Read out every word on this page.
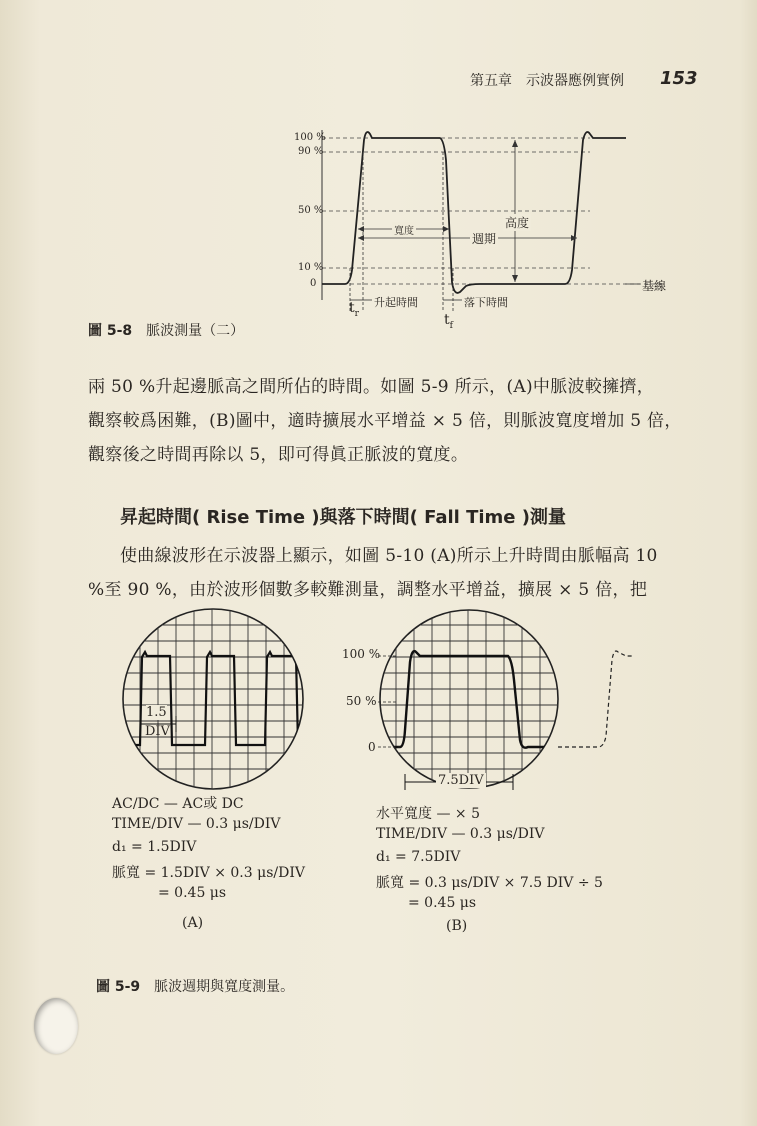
第五章　示波器應例實例 153
100 %
90 %
50 %
10 %
0
寬度
週期
高度
基線
$t_r$	$t_f$
升起時間	落下時間
圖 5-8 脈波測量（二）
兩 50 %升起邊脈高之間所佔的時間。如圖 5-9 所示，(A)中脈波較擁擠，
觀察較爲困難，(B)圖中，適時擴展水平增益 × 5 倍，則脈波寬度增加 5 倍，
觀察後之時間再除以 5，即可得眞正脈波的寬度。
昇起時間( Rise Time )與落下時間( Fall Time )測量
使曲線波形在示波器上顯示，如圖 5-10 (A)所示上升時間由脈幅高 10
%至 90 %，由於波形個數多較難測量，調整水平增益，擴展 × 5 倍，把
1.5
DIV
AC/DC — AC或 DC
TIME/DIV — 0.3 μs/DIV
d₁ = 1.5DIV
脈寬 = 1.5DIV × 0.3 μs/DIV
= 0.45 μs
(A)
100 %
50 %
0
7.5DIV
水平寬度 — × 5
TIME/DIV — 0.3 μs/DIV
d₁ = 7.5DIV
脈寬 = 0.3 μs/DIV × 7.5 DIV ÷ 5
= 0.45 μs
(B)
圖 5-9 脈波週期與寬度測量。
